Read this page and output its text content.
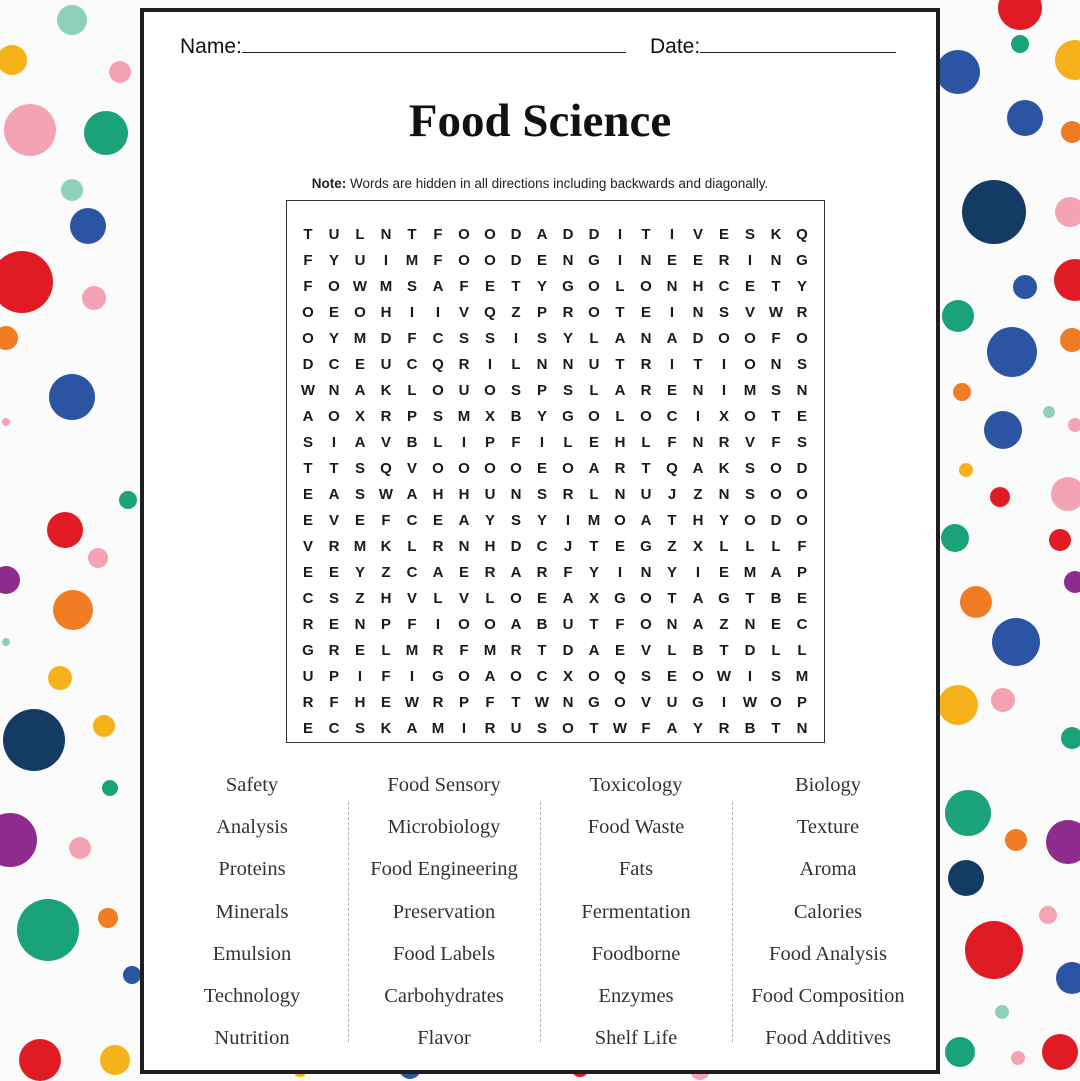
Name:	Date:
Food Science
Note: Words are hidden in all directions including backwards and diagonally.
T	U	L	N	T	F	O O D	A	D	D	I	T	I	V	E	S	K Q
F	Y	U	I	M	F	O O D	E	N G	I	N	E	E	R	I	N G
F	O W M S	A	F	E	T	Y	G O	L	O N	H	C	E	T	Y
O	E	O H	I	I	V	Q	Z	P	R O	T	E	I	N	S	V W R
O	Y M D	F	C	S	S	I	S	Y	L	A	N	A	D O O	F	O
D	C	E	U	C Q R	I	L	N	N	U	T	R	I	T	I	O N	S
W N	A	K	L	O U O	S	P	S	L	A	R	E	N	I	M S	N
A O	X	R	P	S M X	B	Y	G O	L	O C	I	X	O	T	E
S	I	A	V	B	L	I	P	F	I	L	E	H	L	F	N	R	V	F	S
T	T	S	Q	V	O O O O	E	O A	R	T	Q A	K	S	O D
E	A	S W A	H	H	U	N	S	R	L	N	U	J	Z	N	S	O O
E	V	E	F	C	E	A	Y	S	Y	I	M O A	T	H	Y	O D O
V	R M K	L	R	N	H	D	C	J	T	E	G	Z	X	L	L	L	F
E	E	Y	Z	C	A	E	R	A	R	F	Y	I	N	Y	I	E M A	P
C	S	Z	H	V	L	V	L	O	E	A	X	G O	T	A G	T	B	E
R	E	N	P	F	I	O O A	B	U	T	F	O N	A	Z	N	E	C
G R	E	L	M R	F	M R	T	D	A	E	V	L	B	T	D	L	L
U	P	I	F	I	G O A O C	X	O Q	S	E	O W	I	S M
R	F	H	E W R	P	F	T W N G O	V	U G	I	W O	P
E	C	S	K	A M	I	R	U	S	O	T W F	A	Y	R	B	T	N
Safety
Analysis
Proteins
Minerals
Emulsion
Technology
Nutrition
Food Sensory
Microbiology
Food Engineering
Preservation
Food Labels
Carbohydrates
Flavor
Toxicology
Food Waste
Fats
Fermentation
Foodborne
Enzymes
Shelf Life
Biology
Texture
Aroma
Calories
Food Analysis
Food Composition
Food Additives
